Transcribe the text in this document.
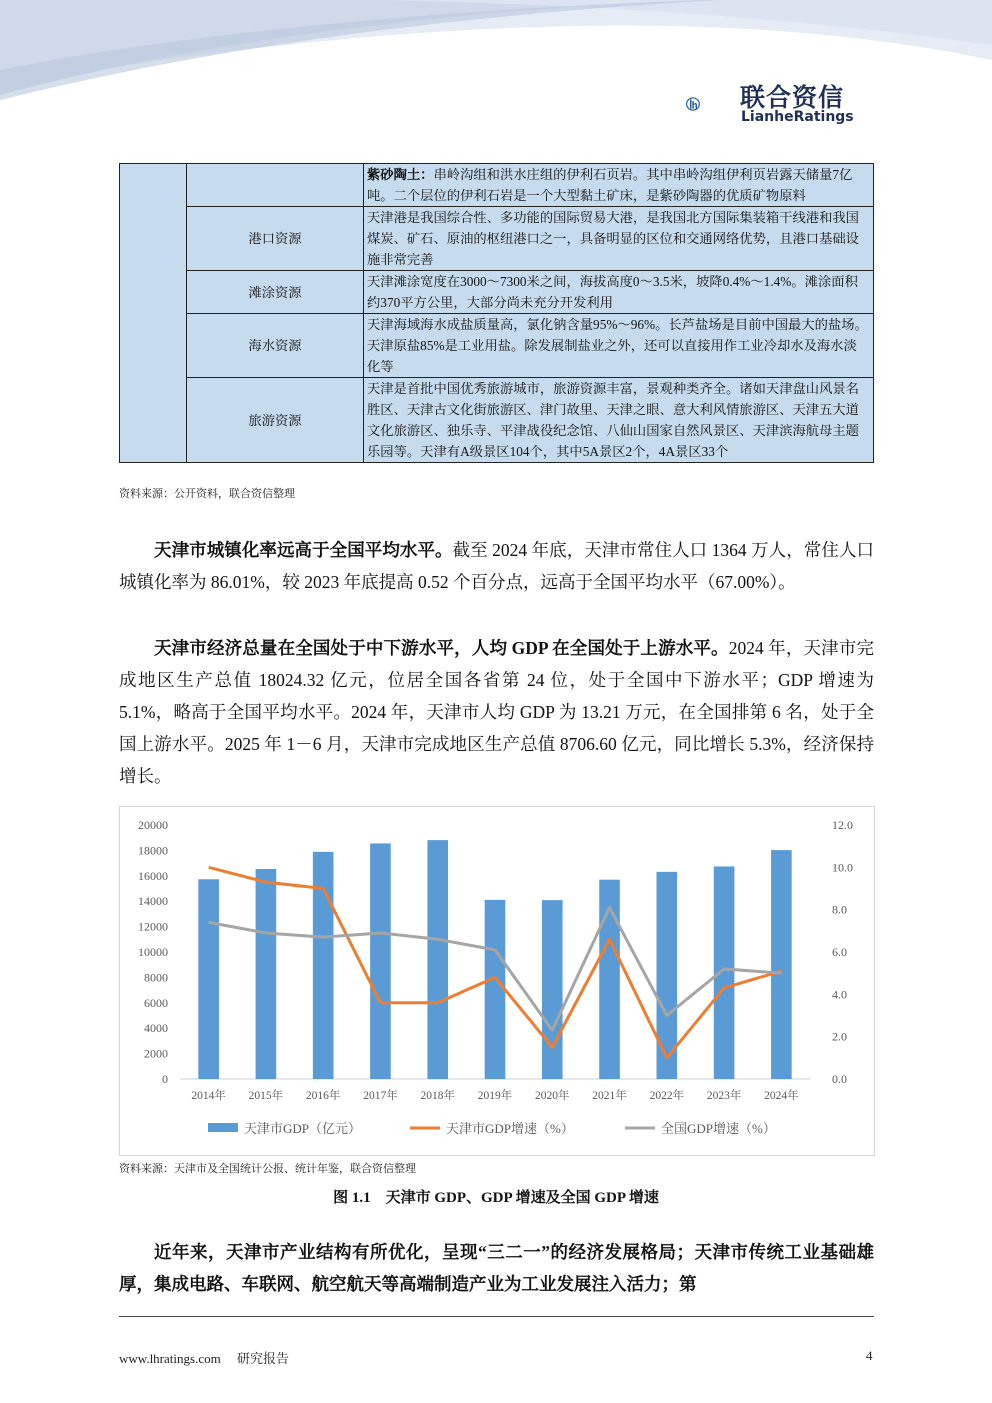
联合资信
LianheRatings
		紫砂陶土：串岭沟组和洪水庄组的伊利石页岩。其中串岭沟组伊利页岩露天储量7亿吨。二个层位的伊利石岩是一个大型黏土矿床，是紫砂陶器的优质矿物原料
	港口资源	天津港是我国综合性、多功能的国际贸易大港，是我国北方国际集装箱干线港和我国煤炭、矿石、原油的枢纽港口之一，具备明显的区位和交通网络优势，且港口基础设施非常完善
	滩涂资源	天津滩涂宽度在3000～7300米之间，海拔高度0～3.5米，坡降0.4%～1.4%。滩涂面积约370平方公里，大部分尚未充分开发利用
	海水资源	天津海域海水成盐质量高，氯化钠含量95%～96%。长芦盐场是目前中国最大的盐场。天津原盐85%是工业用盐。除发展制盐业之外，还可以直接用作工业冷却水及海水淡化等
	旅游资源	天津是首批中国优秀旅游城市，旅游资源丰富，景观种类齐全。诸如天津盘山风景名胜区、天津古文化街旅游区、津门故里、天津之眼、意大利风情旅游区、天津五大道文化旅游区、独乐寺、平津战役纪念馆、八仙山国家自然风景区、天津滨海航母主题乐园等。天津有A级景区104个，其中5A景区2个，4A景区33个
资料来源：公开资料，联合资信整理
天津市城镇化率远高于全国平均水平。截至 2024 年底，天津市常住人口 1364 万人，常住人口城镇化率为 86.01%，较 2023 年底提高 0.52 个百分点，远高于全国平均水平（67.00%）。
天津市经济总量在全国处于中下游水平，人均 GDP 在全国处于上游水平。2024 年，天津市完成地区生产总值 18024.32 亿元，位居全国各省第 24 位，处于全国中下游水平；GDP 增速为 5.1%，略高于全国平均水平。2024 年，天津市人均 GDP 为 13.21 万元，在全国排第 6 名，处于全国上游水平。2025 年 1－6 月，天津市完成地区生产总值 8706.60 亿元，同比增长 5.3%，经济保持增长。
0
2000
4000
6000
8000
10000
12000
14000
16000
18000
20000
0.0
2.0
4.0
6.0
8.0
10.0
12.0
2014年 2015年 2016年 2017年 2018年 2019年 2020年 2021年 2022年 2023年 2024年
天津市GDP（亿元）	天津市GDP增速（%）	全国GDP增速（%）
资料来源：天津市及全国统计公报、统计年鉴，联合资信整理
图 1.1　天津市 GDP、GDP 增速及全国 GDP 增速
近年来，天津市产业结构有所优化，呈现“三二一”的经济发展格局；天津市传统工业基础雄厚，集成电路、车联网、航空航天等高端制造产业为工业发展注入活力；第
www.lhratings.com　 研究报告	4
